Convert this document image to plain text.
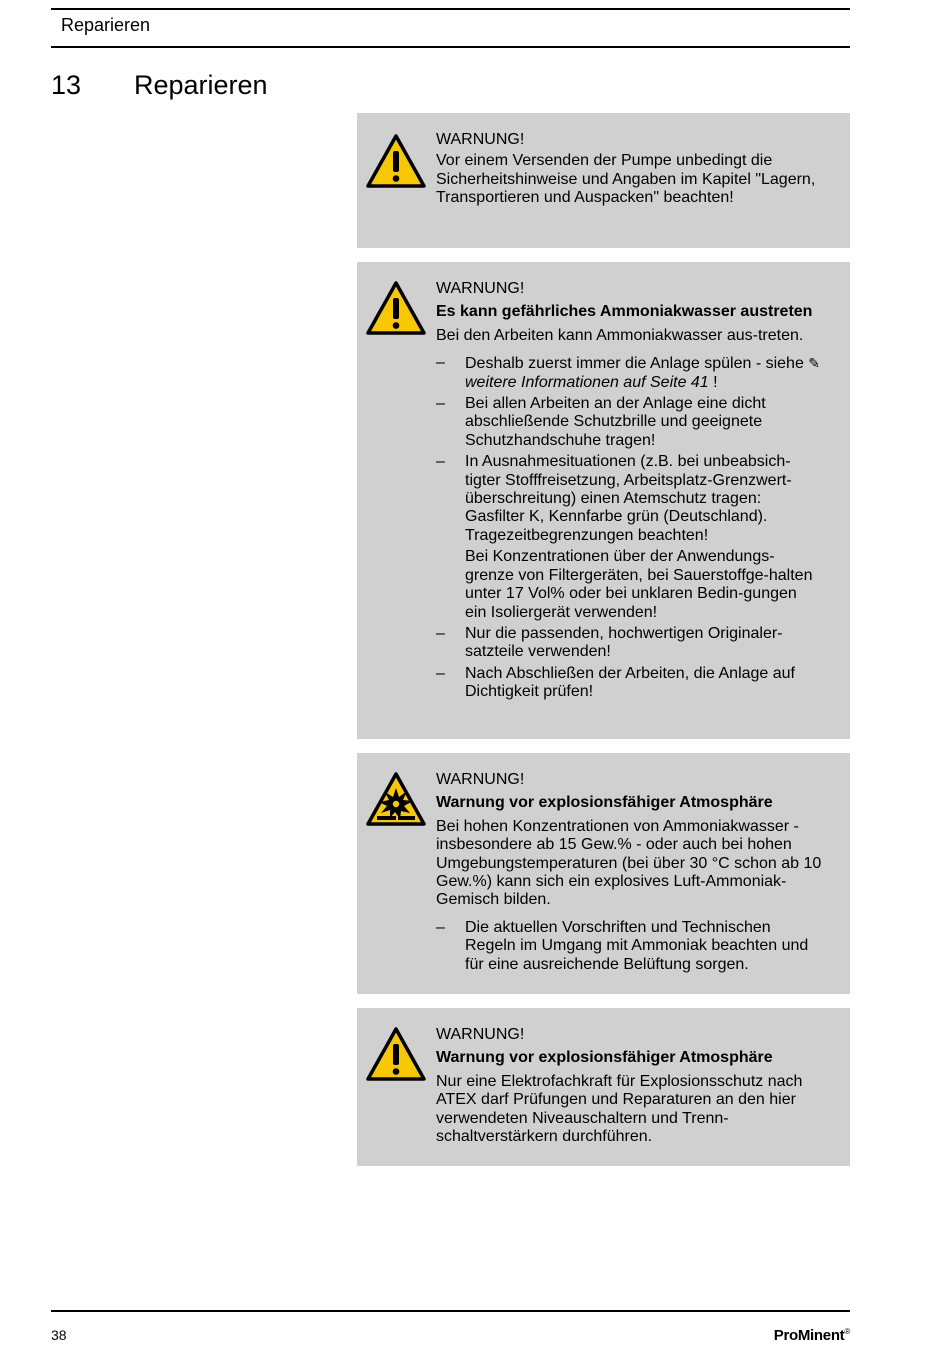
Reparieren
13 Reparieren
WARNUNG!

Vor einem Versenden der Pumpe unbedingt die Sicherheitshinweise und Angaben im Kapitel "Lagern, Transportieren und Auspacken" beachten!

WARNUNG!
Es kann gefährliches Ammoniakwasser austreten

Bei den Arbeiten kann Ammoniakwasser aus-treten.

– Deshalb zuerst immer die Anlage spülen - siehe ✎ weitere Informationen auf Seite 41 !
– Bei allen Arbeiten an der Anlage eine dicht abschließende Schutzbrille und geeignete Schutzhandschuhe tragen!
– In Ausnahmesituationen (z.B. bei unbeabsich-tigter Stofffreisetzung, Arbeitsplatz-Grenzwert-überschreitung) einen Atemschutz tragen: Gasfilter K, Kennfarbe grün (Deutschland). Tragezeitbegrenzungen beachten!

Bei Konzentrationen über der Anwendungs-grenze von Filtergeräten, bei Sauerstoffge-halten unter 17 Vol% oder bei unklaren Bedin-gungen ein Isoliergerät verwenden!

– Nur die passenden, hochwertigen Originaler-satzteile verwenden!
– Nach Abschließen der Arbeiten, die Anlage auf Dichtigkeit prüfen!
WARNUNG!
Warnung vor explosionsfähiger Atmosphäre

Bei hohen Konzentrationen von Ammoniakwasser - insbesondere ab 15 Gew.% - oder auch bei hohen Umgebungstemperaturen (bei über 30 °C schon ab 10 Gew.%) kann sich ein explosives Luft-Ammoniak-Gemisch bilden.

– Die aktuellen Vorschriften und Technischen Regeln im Umgang mit Ammoniak beachten und für eine ausreichende Belüftung sorgen.
WARNUNG!
Warnung vor explosionsfähiger Atmosphäre

Nur eine Elektrofachkraft für Explosionsschutz nach ATEX darf Prüfungen und Reparaturen an den hier verwendeten Niveauschaltern und Trenn-schaltverstärkern durchführen.

38	ProMinent®
